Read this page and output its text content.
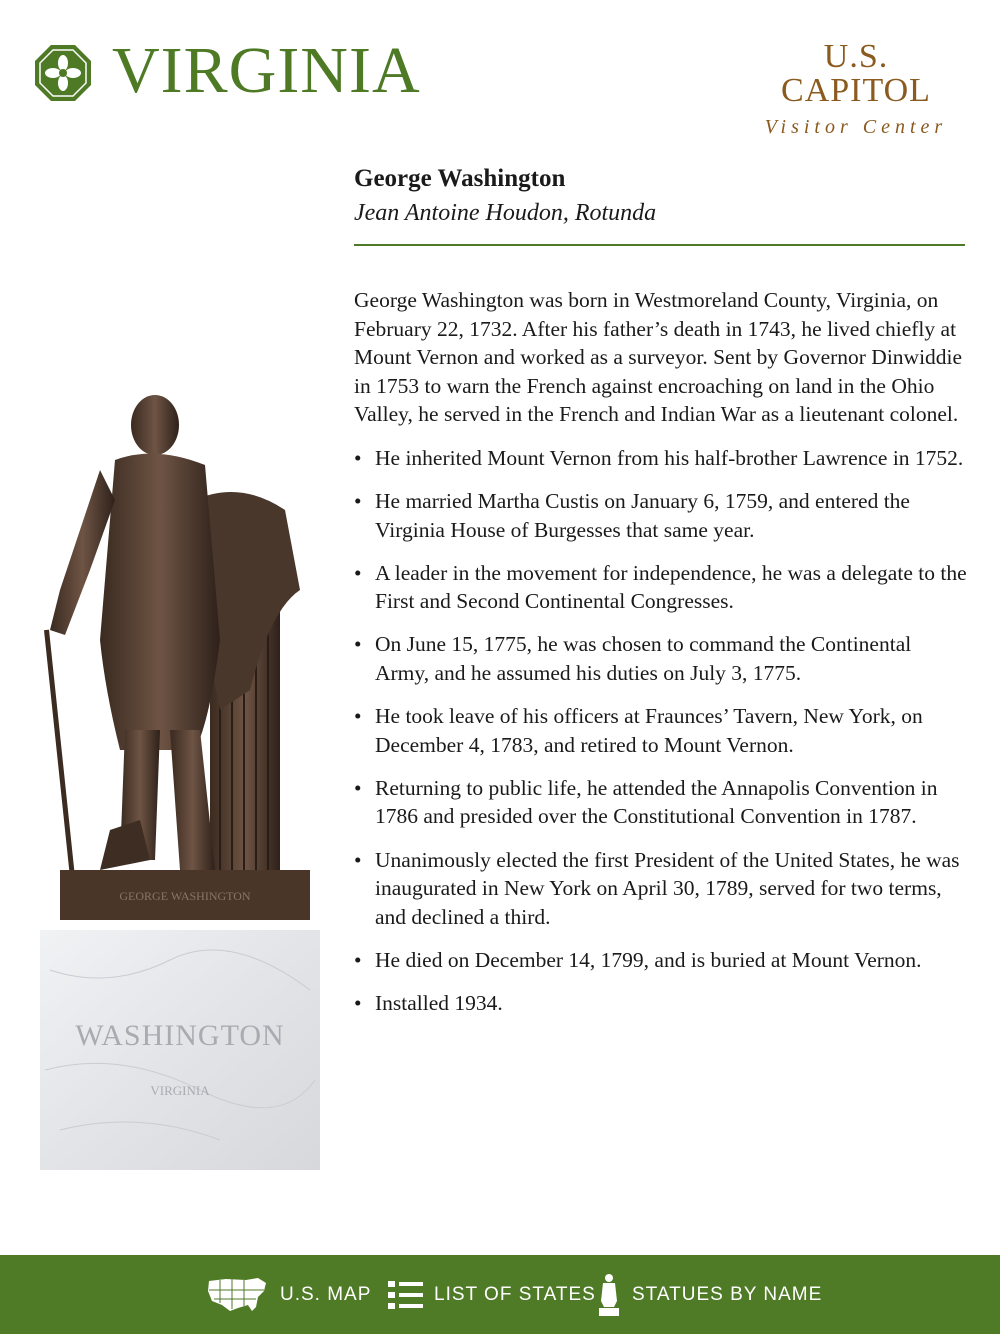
VIRGINIA	U.S. CAPITOL
Visitor Center
George Washington
Jean Antoine Houdon, Rotunda
GEORGE WASHINGTON
WASHINGTON
VIRGINIA

George Washington was born in Westmoreland County, Virginia, on February 22, 1732. After his father’s death in 1743, he lived chiefly at Mount Vernon and worked as a surveyor. Sent by Governor Dinwiddie in 1753 to warn the French against encroaching on land in the Ohio Valley, he served in the French and Indian War as a lieutenant colonel.

• He inherited Mount Vernon from his half-brother Lawrence in 1752.
• He married Martha Custis on January 6, 1759, and entered the Virginia House of Burgesses that same year.
• A leader in the movement for independence, he was a delegate to the First and Second Continental Congresses.
• On June 15, 1775, he was chosen to command the Continental Army, and he assumed his duties on July 3, 1775.
• He took leave of his officers at Fraunces’ Tavern, New York, on December 4, 1783, and retired to Mount Vernon.
• Returning to public life, he attended the Annapolis Convention in 1786 and presided over the Constitutional Convention in 1787.
• Unanimously elected the first President of the United States, he was inaugurated in New York on April 30, 1789, served for two terms, and declined a third.
• He died on December 14, 1799, and is buried at Mount Vernon.
• Installed 1934.
U.S. MAP	LIST OF STATES STATUES BY NAME
